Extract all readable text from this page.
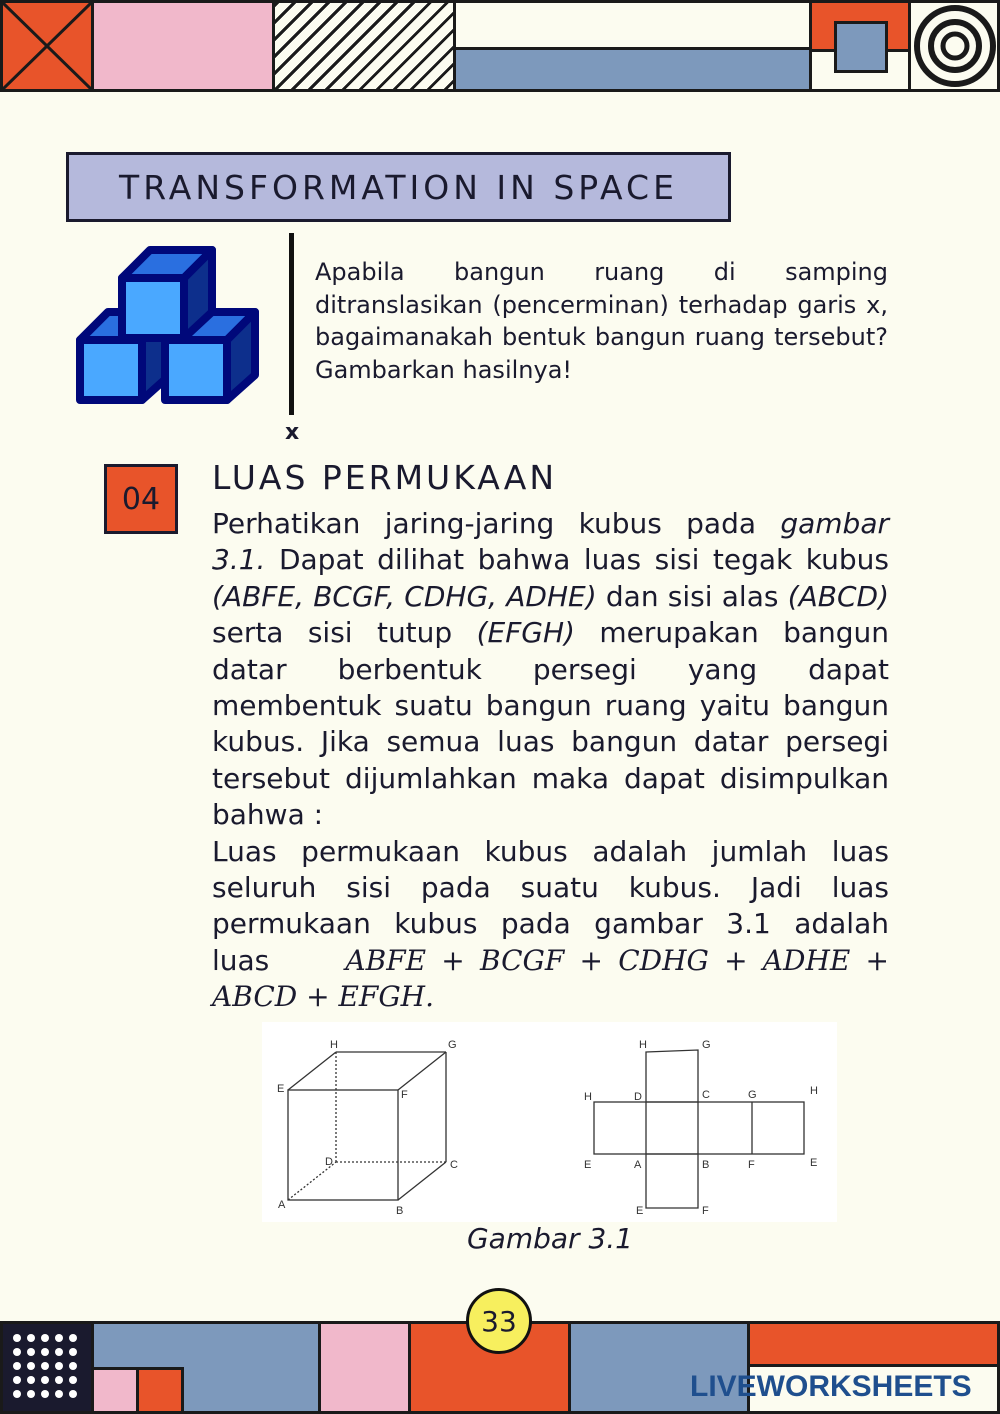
TRANSFORMATION IN SPACE
x
Apabila bangun ruang di samping ditranslasikan (pencerminan) terhadap garis x, bagaimanakah bentuk bangun ruang tersebut? Gambarkan hasilnya!
04
LUAS PERMUKAAN

Perhatikan jaring-jaring kubus pada gambar 3.1. Dapat dilihat bahwa luas sisi tegak kubus (ABFE, BCGF, CDHG, ADHE) dan sisi alas (ABCD) serta sisi tutup (EFGH) merupakan bangun datar berbentuk persegi yang dapat membentuk suatu bangun ruang yaitu bangun kubus. Jika semua luas bangun datar persegi tersebut dijumlahkan maka dapat disimpulkan bahwa :

Luas permukaan kubus adalah jumlah luas seluruh sisi pada suatu kubus. Jadi luas permukaan kubus pada gambar 3.1 adalah luas	ABFE + BCGF + CDHG + ADHE + ABCD + EFGH.

H	G
E	F
D	C
A	B
H	G
H	D	C	G	H
E	A	B	F	E
E	F
Gambar 3.1
33
LIVEWORKSHEETS
